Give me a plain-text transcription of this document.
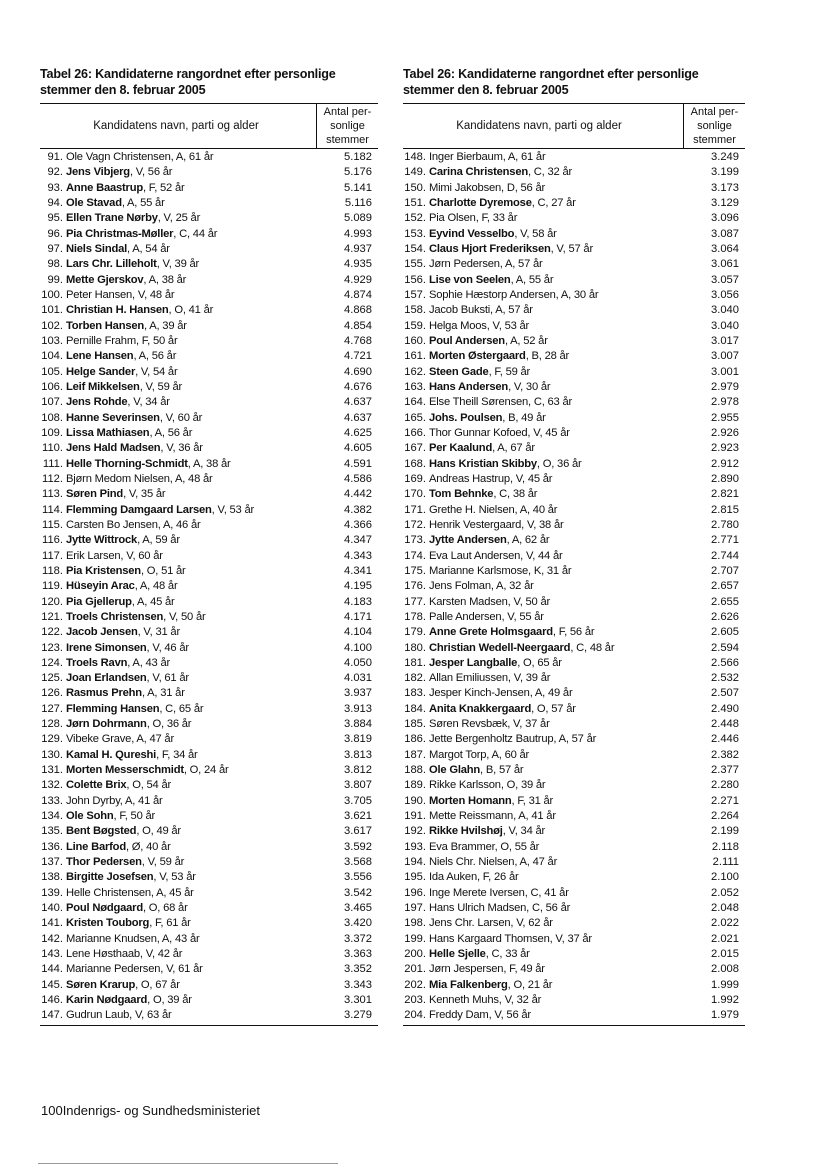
Tabel 26: Kandidaterne rangordnet efter personlige stemmer den 8. februar 2005
Kandidatens navn, parti og alder
Antal per- sonlige stemmer
91. Ole Vagn Christensen, A, 61 år	5.182
92. Jens Vibjerg, V, 56 år	5.176
93. Anne Baastrup, F, 52 år	5.141
94. Ole Stavad, A, 55 år	5.116
95. Ellen Trane Nørby, V, 25 år	5.089
96. Pia Christmas-Møller, C, 44 år	4.993
97. Niels Sindal, A, 54 år	4.937
98. Lars Chr. Lilleholt, V, 39 år	4.935
99. Mette Gjerskov, A, 38 år	4.929
100. Peter Hansen, V, 48 år	4.874
101. Christian H. Hansen, O, 41 år	4.868
102. Torben Hansen, A, 39 år	4.854
103. Pernille Frahm, F, 50 år	4.768
104. Lene Hansen, A, 56 år	4.721
105. Helge Sander, V, 54 år	4.690
106. Leif Mikkelsen, V, 59 år	4.676
107. Jens Rohde, V, 34 år	4.637
108. Hanne Severinsen, V, 60 år	4.637
109. Lissa Mathiasen, A, 56 år	4.625
110. Jens Hald Madsen, V, 36 år	4.605
111. Helle Thorning-Schmidt, A, 38 år	4.591
112. Bjørn Medom Nielsen, A, 48 år	4.586
113. Søren Pind, V, 35 år	4.442
114. Flemming Damgaard Larsen, V, 53 år	4.382
115. Carsten Bo Jensen, A, 46 år	4.366
116. Jytte Wittrock, A, 59 år	4.347
117. Erik Larsen, V, 60 år	4.343
118. Pia Kristensen, O, 51 år	4.341
119. Hüseyin Arac, A, 48 år	4.195
120. Pia Gjellerup, A, 45 år	4.183
121. Troels Christensen, V, 50 år	4.171
122. Jacob Jensen, V, 31 år	4.104
123. Irene Simonsen, V, 46 år	4.100
124. Troels Ravn, A, 43 år	4.050
125. Joan Erlandsen, V, 61 år	4.031
126. Rasmus Prehn, A, 31 år	3.937
127. Flemming Hansen, C, 65 år	3.913
128. Jørn Dohrmann, O, 36 år	3.884
129. Vibeke Grave, A, 47 år	3.819
130. Kamal H. Qureshi, F, 34 år	3.813
131. Morten Messerschmidt, O, 24 år	3.812
132. Colette Brix, O, 54 år	3.807
133. John Dyrby, A, 41 år	3.705
134. Ole Sohn, F, 50 år	3.621
135. Bent Bøgsted, O, 49 år	3.617
136. Line Barfod, Ø, 40 år	3.592
137. Thor Pedersen, V, 59 år	3.568
138. Birgitte Josefsen, V, 53 år	3.556
139. Helle Christensen, A, 45 år	3.542
140. Poul Nødgaard, O, 68 år	3.465
141. Kristen Touborg, F, 61 år	3.420
142. Marianne Knudsen, A, 43 år	3.372
143. Lene Høsthaab, V, 42 år	3.363
144. Marianne Pedersen, V, 61 år	3.352
145. Søren Krarup, O, 67 år	3.343
146. Karin Nødgaard, O, 39 år	3.301
147. Gudrun Laub, V, 63 år	3.279
Tabel 26: Kandidaterne rangordnet efter personlige stemmer den 8. februar 2005
Kandidatens navn, parti og alder
Antal per- sonlige stemmer
148. Inger Bierbaum, A, 61 år	3.249
149. Carina Christensen, C, 32 år	3.199
150. Mimi Jakobsen, D, 56 år	3.173
151. Charlotte Dyremose, C, 27 år	3.129
152. Pia Olsen, F, 33 år	3.096
153. Eyvind Vesselbo, V, 58 år	3.087
154. Claus Hjort Frederiksen, V, 57 år	3.064
155. Jørn Pedersen, A, 57 år	3.061
156. Lise von Seelen, A, 55 år	3.057
157. Sophie Hæstorp Andersen, A, 30 år	3.056
158. Jacob Buksti, A, 57 år	3.040
159. Helga Moos, V, 53 år	3.040
160. Poul Andersen, A, 52 år	3.017
161. Morten Østergaard, B, 28 år	3.007
162. Steen Gade, F, 59 år	3.001
163. Hans Andersen, V, 30 år	2.979
164. Else Theill Sørensen, C, 63 år	2.978
165. Johs. Poulsen, B, 49 år	2.955
166. Thor Gunnar Kofoed, V, 45 år	2.926
167. Per Kaalund, A, 67 år	2.923
168. Hans Kristian Skibby, O, 36 år	2.912
169. Andreas Hastrup, V, 45 år	2.890
170. Tom Behnke, C, 38 år	2.821
171. Grethe H. Nielsen, A, 40 år	2.815
172. Henrik Vestergaard, V, 38 år	2.780
173. Jytte Andersen, A, 62 år	2.771
174. Eva Laut Andersen, V, 44 år	2.744
175. Marianne Karlsmose, K, 31 år	2.707
176. Jens Folman, A, 32 år	2.657
177. Karsten Madsen, V, 50 år	2.655
178. Palle Andersen, V, 55 år	2.626
179. Anne Grete Holmsgaard, F, 56 år	2.605
180. Christian Wedell-Neergaard, C, 48 år	2.594
181. Jesper Langballe, O, 65 år	2.566
182. Allan Emiliussen, V, 39 år	2.532
183. Jesper Kinch-Jensen, A, 49 år	2.507
184. Anita Knakkergaard, O, 57 år	2.490
185. Søren Revsbæk, V, 37 år	2.448
186. Jette Bergenholtz Bautrup, A, 57 år	2.446
187. Margot Torp, A, 60 år	2.382
188. Ole Glahn, B, 57 år	2.377
189. Rikke Karlsson, O, 39 år	2.280
190. Morten Homann, F, 31 år	2.271
191. Mette Reissmann, A, 41 år	2.264
192. Rikke Hvilshøj, V, 34 år	2.199
193. Eva Brammer, O, 55 år	2.118
194. Niels Chr. Nielsen, A, 47 år	2.111
195. Ida Auken, F, 26 år	2.100
196. Inge Merete Iversen, C, 41 år	2.052
197. Hans Ulrich Madsen, C, 56 år	2.048
198. Jens Chr. Larsen, V, 62 år	2.022
199. Hans Kargaard Thomsen, V, 37 år	2.021
200. Helle Sjelle, C, 33 år	2.015
201. Jørn Jespersen, F, 49 år	2.008
202. Mia Falkenberg, O, 21 år	1.999
203. Kenneth Muhs, V, 32 år	1.992
204. Freddy Dam, V, 56 år	1.979
100Indenrigs- og Sundhedsministeriet
